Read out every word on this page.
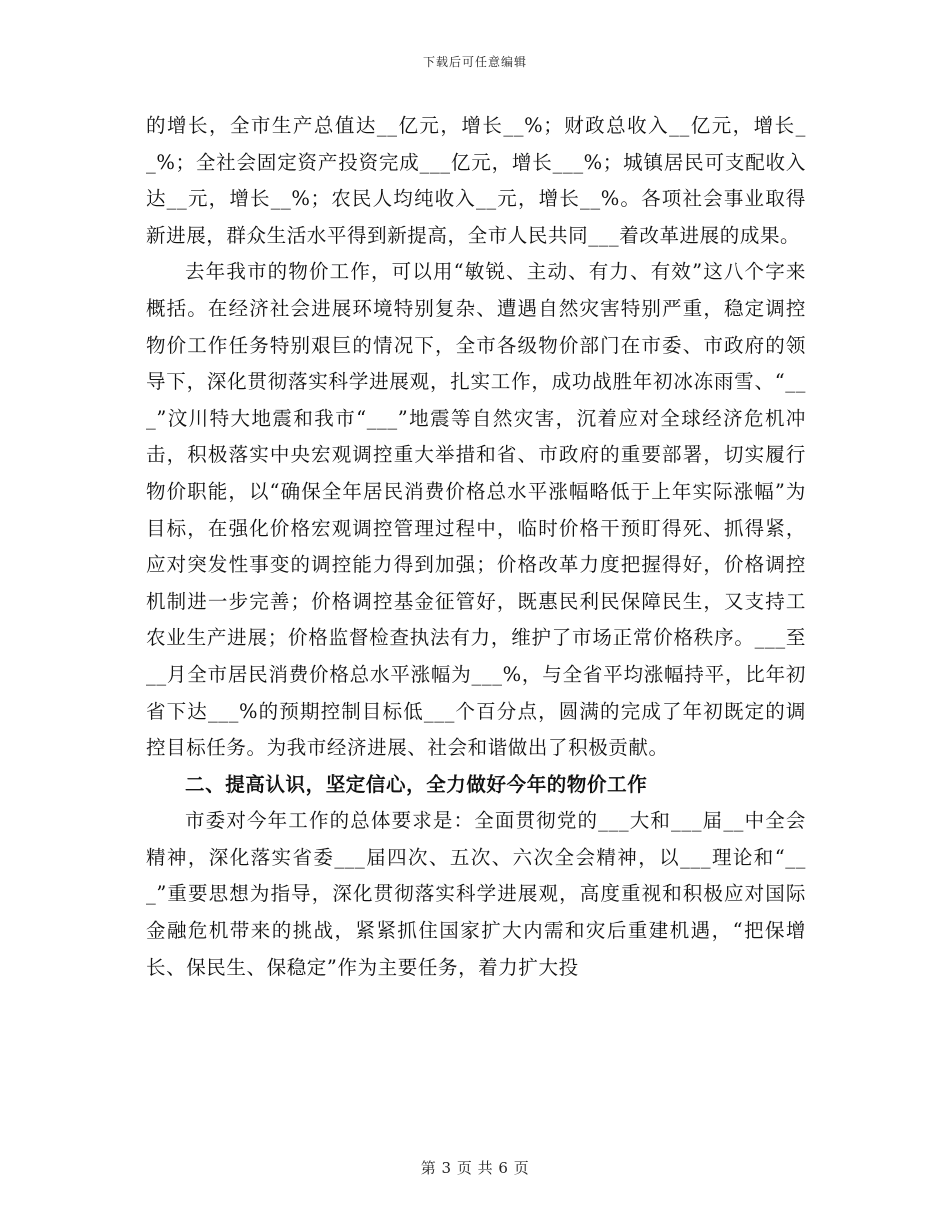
下载后可任意编辑

的增长，全市生产总值达__亿元，增长__%；财政总收入__亿元，增长__%；全社会固定资产投资完成___亿元，增长___%；城镇居民可支配收入达__元，增长__%；农民人均纯收入__元，增长__%。各项社会事业取得新进展，群众生活水平得到新提高，全市人民共同___着改革进展的成果。

去年我市的物价工作，可以用“敏锐、主动、有力、有效”这八个字来概括。在经济社会进展环境特别复杂、遭遇自然灾害特别严重，稳定调控物价工作任务特别艰巨的情况下，全市各级物价部门在市委、市政府的领导下，深化贯彻落实科学进展观，扎实工作，成功战胜年初冰冻雨雪、“___”汶川特大地震和我市“___”地震等自然灾害，沉着应对全球经济危机冲击，积极落实中央宏观调控重大举措和省、市政府的重要部署，切实履行物价职能，以“确保全年居民消费价格总水平涨幅略低于上年实际涨幅”为目标，在强化价格宏观调控管理过程中，临时价格干预盯得死、抓得紧，应对突发性事变的调控能力得到加强；价格改革力度把握得好，价格调控机制进一步完善；价格调控基金征管好，既惠民利民保障民生，又支持工农业生产进展；价格监督检查执法有力，维护了市场正常价格秩序。___至__月全市居民消费价格总水平涨幅为___%，与全省平均涨幅持平，比年初省下达___%的预期控制目标低___个百分点，圆满的完成了年初既定的调控目标任务。为我市经济进展、社会和谐做出了积极贡献。

二、提高认识，坚定信心，全力做好今年的物价工作

市委对今年工作的总体要求是：全面贯彻党的___大和___届__中全会精神，深化落实省委___届四次、五次、六次全会精神，以___理论和“___”重要思想为指导，深化贯彻落实科学进展观，高度重视和积极应对国际金融危机带来的挑战，紧紧抓住国家扩大内需和灾后重建机遇，“把保增长、保民生、保稳定”作为主要任务，着力扩大投

第 3 页 共 6 页
